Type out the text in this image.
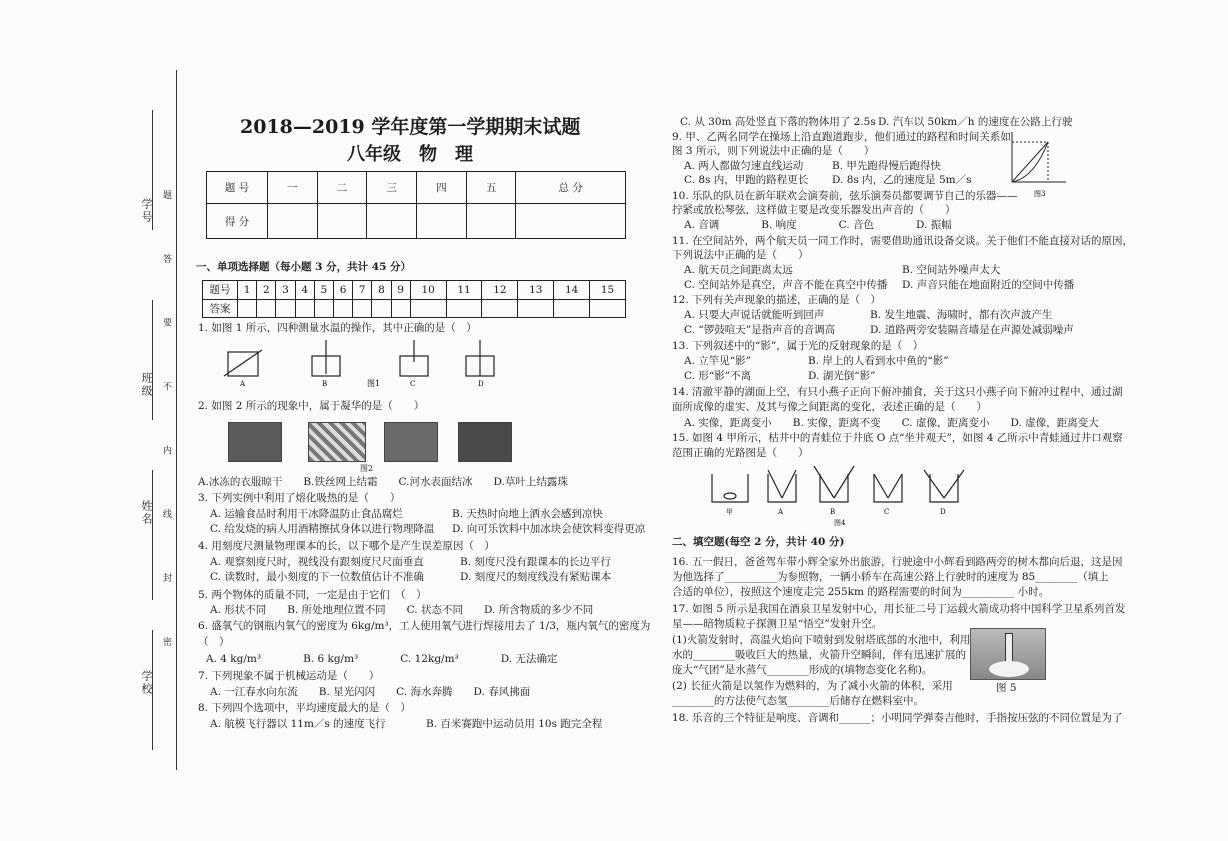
学号
班级
姓名
学校
题 答 要 不 内 线 封 密
2018—2019 学年度第一学期期末试题
八年级　物　理
题 号	一	二	三	四	五	总 分
得 分						
一、单项选择题（每小题 3 分，共计 45 分）
题号	1	2	3	4	5	6	7	8	9	10	11	12	13	14	15
答案															
1. 如图 1 所示，四种测量水温的操作，其中正确的是（　）
A	B	C	D
图1
2. 如图 2 所示的现象中，属于凝华的是（　　）
图2
A.冰冻的衣服晾干　　B.铁丝网上结霜　　C.河水表面结冰　　D.草叶上结露珠
3. 下列实例中利用了熔化吸热的是（　　）
A. 运输食品时利用干冰降温防止食品腐烂	B. 天热时向地上洒水会感到凉快
C. 给发烧的病人用酒精擦拭身体以进行物理降温 D. 向可乐饮料中加冰块会使饮料变得更凉
4. 用刻度尺测量物理课本的长，以下哪个是产生误差原因（　）
A. 观察刻度尺时，视线没有跟刻度尺尺面垂直	B. 刻度尺没有跟课本的长边平行
C. 读数时，最小刻度的下一位数值估计不准确	D. 刻度尺的刻度线没有紧贴课本
5. 两个物体的质量不同，一定是由于它们　（　）
A. 形状不同　　B. 所处地理位置不同　　C. 状态不同　　D. 所含物质的多少不同
6. 盛氧气的钢瓶内氧气的密度为 6kg/m³，工人使用氧气进行焊接用去了 1/3，瓶内氧气的密度为
（　）
A. 4 kg/m³　　　　B. 6 kg/m³　　　　C. 12kg/m³　　　　D. 无法确定
7. 下列现象不属于机械运动是（　　）
A. 一江春水向东流　　B. 星光闪闪　　C. 海水奔腾　　D. 春风拂面
8. 下列四个选项中，平均速度最大的是（　）
A. 航模飞行器以 11m／s 的速度飞行	B. 百米赛跑中运动员用 10s 跑完全程
C. 从 30m 高处竖直下落的物体用了 2.5s D. 汽车以 50km／h 的速度在公路上行驶
9. 甲、乙两名同学在操场上沿直跑道跑步，他们通过的路程和时间关系如
图 3 所示，则下列说法中正确的是（　　）
A. 两人都做匀速直线运动	B. 甲先跑得慢后跑得快
C. 8s 内，甲跑的路程更长 D. 8s 内，乙的速度是 5m／s
图3
10. 乐队的队员在新年联欢会演奏前，弦乐演奏员都要调节自己的乐器——
拧紧或放松琴弦，这样做主要是改变乐器发出声音的（　　）
A. 音调　　　　B. 响度　　　　C. 音色　　　　D. 振幅
11. 在空间站外，两个航天员一同工作时，需要借助通讯设备交谈。关于他们不能直接对话的原因，
下列说法中正确的是（　　）
A. 航天员之间距离太远	B. 空间站外噪声太大
C. 空间站外是真空，声音不能在真空中传播 D. 声音只能在地面附近的空间中传播
12. 下列有关声现象的描述，正确的是（　）
A. 只要大声说话就能听到回声	B. 发生地震、海啸时，都有次声波产生
C. “锣鼓喧天”是指声音的音调高	D. 道路两旁安装隔音墙是在声源处减弱噪声
13. 下列叙述中的“影”，属于光的反射现象的是（　）
A. 立竿见“影”	B. 岸上的人看到水中鱼的“影”
C. 形“影”不离	D. 湖光倒“影”
14. 清澈平静的湖面上空，有只小燕子正向下俯冲捕食，关于这只小燕子向下俯冲过程中，通过湖
面所成像的虚实、及其与像之间距离的变化，表述正确的是（　　）
A. 实像，距离变小　　B. 实像，距离不变　　C. 虚像，距离变小　　D. 虚像，距离变大
15. 如图 4 甲所示，枯井中的青蛙位于井底 O 点“坐井观天”，如图 4 乙所示中青蛙通过井口观察
范围正确的光路图是（　　）
甲	A	B	C	D
图4
二、填空题(每空 2 分，共计 40 分)
16. 五一假日，爸爸驾车带小辉全家外出旅游，行驶途中小辉看到路两旁的树木都向后退，这是因
为他选择了__________为参照物，一辆小轿车在高速公路上行驶时的速度为 85________（填上
合适的单位），按照这个速度走完 255km 的路程需要的时间为__________ 小时。
17. 如图 5 所示是我国在酒泉卫星发射中心，用长征二号丁运载火箭成功将中国科学卫星系列首发
星——暗物质粒子探测卫星“悟空”发射升空。
(1)火箭发射时，高温火焰向下喷射到发射塔底部的水池中，利用
水的________吸收巨大的热量，火箭升空瞬间，伴有迅速扩展的
庞大“气团”是水蒸气________形成的(填物态变化名称)。
(2) 长征火箭是以氢作为燃料的，为了减小火箭的体积，采用
________的方法使气态氢________后储存在燃料室中。
图 5
18. 乐音的三个特征是响度、音调和______；小明同学弹奏吉他时，手指按压弦的不同位置是为了
